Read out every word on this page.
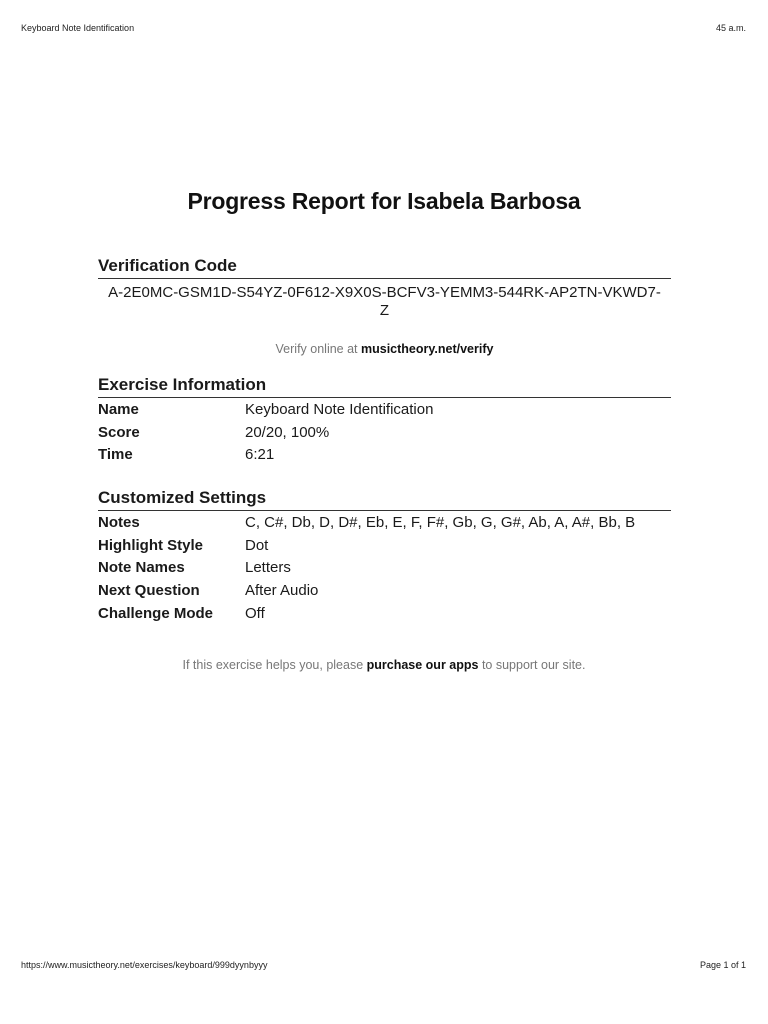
Keyboard Note Identification	45 a.m.
Progress Report for Isabela Barbosa
Verification Code
A-2E0MC-GSM1D-S54YZ-0F612-X9X0S-BCFV3-YEMM3-544RK-AP2TN-VKWD7-Z
Verify online at musictheory.net/verify
Exercise Information
Name	Keyboard Note Identification
Score	20/20, 100%
Time	6:21
Customized Settings
Notes	C, C#, Db, D, D#, Eb, E, F, F#, Gb, G, G#, Ab, A, A#, Bb, B
Highlight Style	Dot
Note Names	Letters
Next Question	After Audio
Challenge Mode	Off
If this exercise helps you, please purchase our apps to support our site.
https://www.musictheory.net/exercises/keyboard/999dyynbyyy	Page 1 of 1
